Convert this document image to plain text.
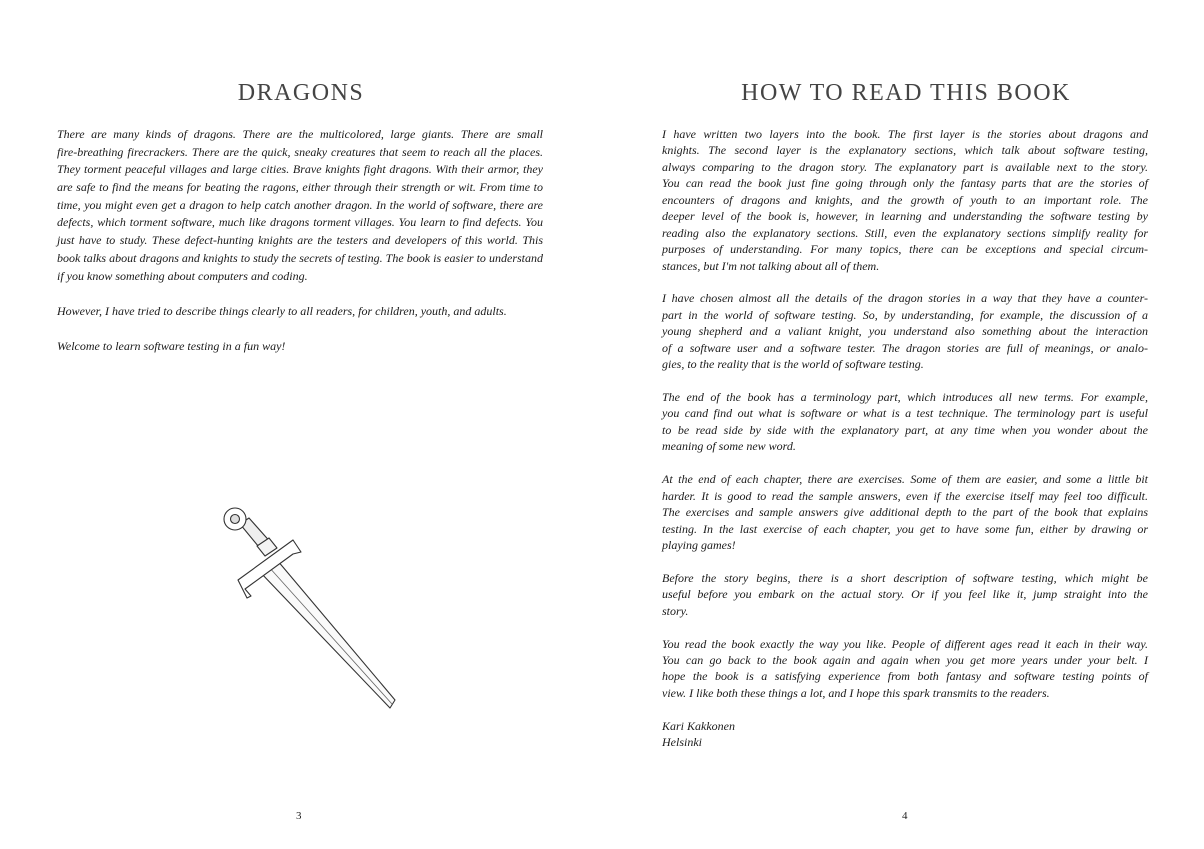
DRAGONS
There are many kinds of dragons. There are the multicolored, large giants. There are small
fire-breathing firecrackers. There are the quick, sneaky creatures that seem to reach all the places.
They torment peaceful villages and large cities. Brave knights fight dragons. With their armor, they
are safe to find the means for beating the ragons, either through their strength or wit. From time to
time, you might even get a dragon to help catch another dragon. In the world of software, there are
defects, which torment software, much like dragons torment villages. You learn to find defects. You
just have to study. These defect-hunting knights are the testers and developers of this world. This
book talks about dragons and knights to study the secrets of testing. The book is easier to understand
if you know something about computers and coding.
However, I have tried to describe things clearly to all readers, for children, youth, and adults.
Welcome to learn software testing in a fun way!
3
HOW TO READ THIS BOOK
I have written two layers into the book. The first layer is the stories about dragons and
knights. The second layer is the explanatory sections, which talk about software testing,
always comparing to the dragon story. The explanatory part is available next to the story.
You can read the book just fine going through only the fantasy parts that are the stories of
encounters of dragons and knights, and the growth of youth to an important role. The
deeper level of the book is, however, in learning and understanding the software testing by
reading also the explanatory sections. Still, even the explanatory sections simplify reality for
purposes of understanding. For many topics, there can be exceptions and special circum-
stances, but I'm not talking about all of them.
I have chosen almost all the details of the dragon stories in a way that they have a counter-
part in the world of software testing. So, by understanding, for example, the discussion of a
young shepherd and a valiant knight, you understand also something about the interaction
of a software user and a software tester. The dragon stories are full of meanings, or analo-
gies, to the reality that is the world of software testing.
The end of the book has a terminology part, which introduces all new terms. For example,
you cand find out what is software or what is a test technique. The terminology part is useful
to be read side by side with the explanatory part, at any time when you wonder about the
meaning of some new word.
At the end of each chapter, there are exercises. Some of them are easier, and some a little bit
harder. It is good to read the sample answers, even if the exercise itself may feel too difficult.
The exercises and sample answers give additional depth to the part of the book that explains
testing. In the last exercise of each chapter, you get to have some fun, either by drawing or
playing games!
Before the story begins, there is a short description of software testing, which might be
useful before you embark on the actual story. Or if you feel like it, jump straight into the
story.
You read the book exactly the way you like. People of different ages read it each in their way.
You can go back to the book again and again when you get more years under your belt. I
hope the book is a satisfying experience from both fantasy and software testing points of
view. I like both these things a lot, and I hope this spark transmits to the readers.
Kari Kakkonen
Helsinki
4
